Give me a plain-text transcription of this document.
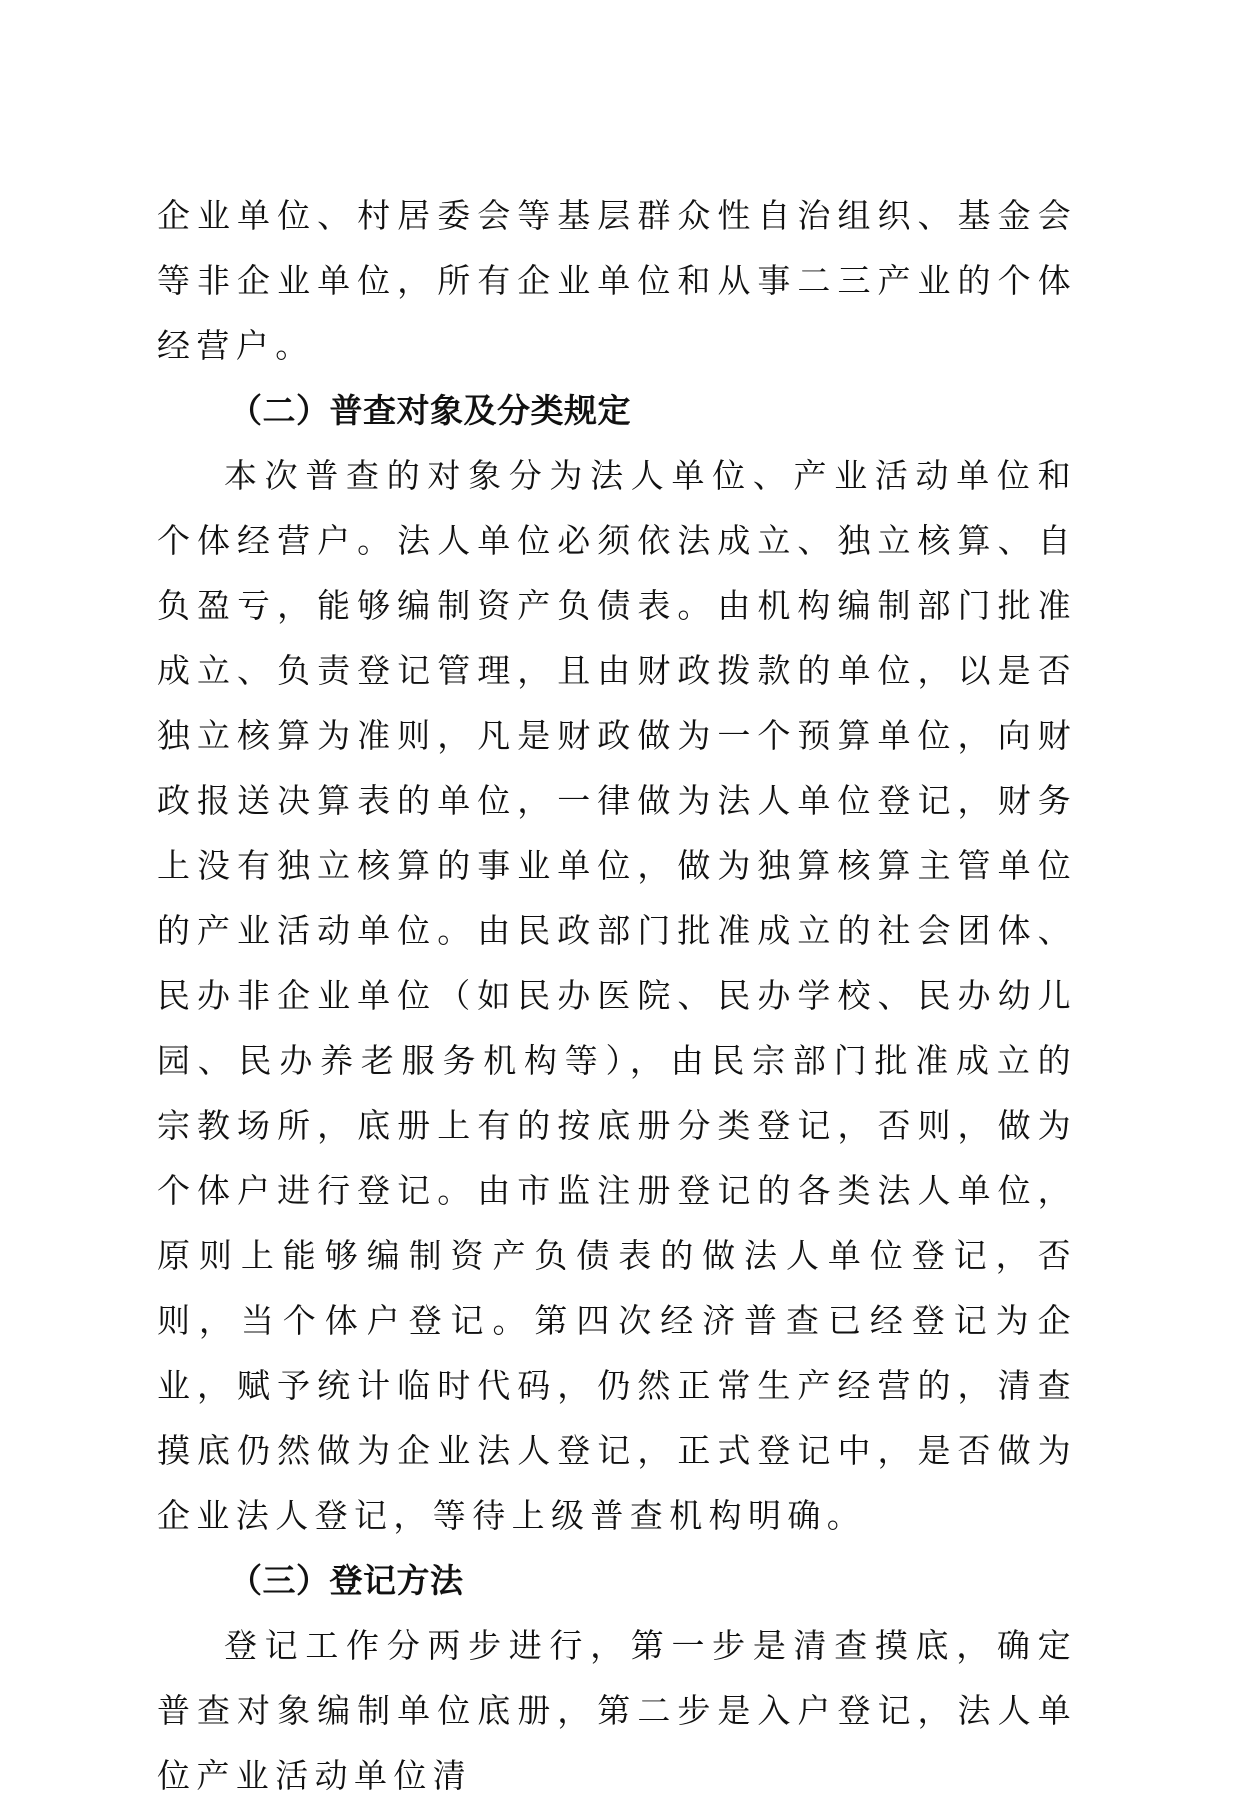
企业单位、村居委会等基层群众性自治组织、基金会等非企业单位，所有企业单位和从事二三产业的个体经营户。

（二）普查对象及分类规定

本次普查的对象分为法人单位、产业活动单位和个体经营户。法人单位必须依法成立、独立核算、自负盈亏，能够编制资产负债表。由机构编制部门批准成立、负责登记管理，且由财政拨款的单位，以是否独立核算为准则，凡是财政做为一个预算单位，向财政报送决算表的单位，一律做为法人单位登记，财务上没有独立核算的事业单位，做为独算核算主管单位的产业活动单位。由民政部门批准成立的社会团体、民办非企业单位（如民办医院、民办学校、民办幼儿园、民办养老服务机构等），由民宗部门批准成立的宗教场所，底册上有的按底册分类登记，否则，做为个体户进行登记。由市监注册登记的各类法人单位，原则上能够编制资产负债表的做法人单位登记，否则，当个体户登记。第四次经济普查已经登记为企业，赋予统计临时代码，仍然正常生产经营的，清查摸底仍然做为企业法人登记，正式登记中，是否做为企业法人登记，等待上级普查机构明确。

（三）登记方法

登记工作分两步进行，第一步是清查摸底，确定普查对象编制单位底册，第二步是入户登记，法人单位产业活动单位清
